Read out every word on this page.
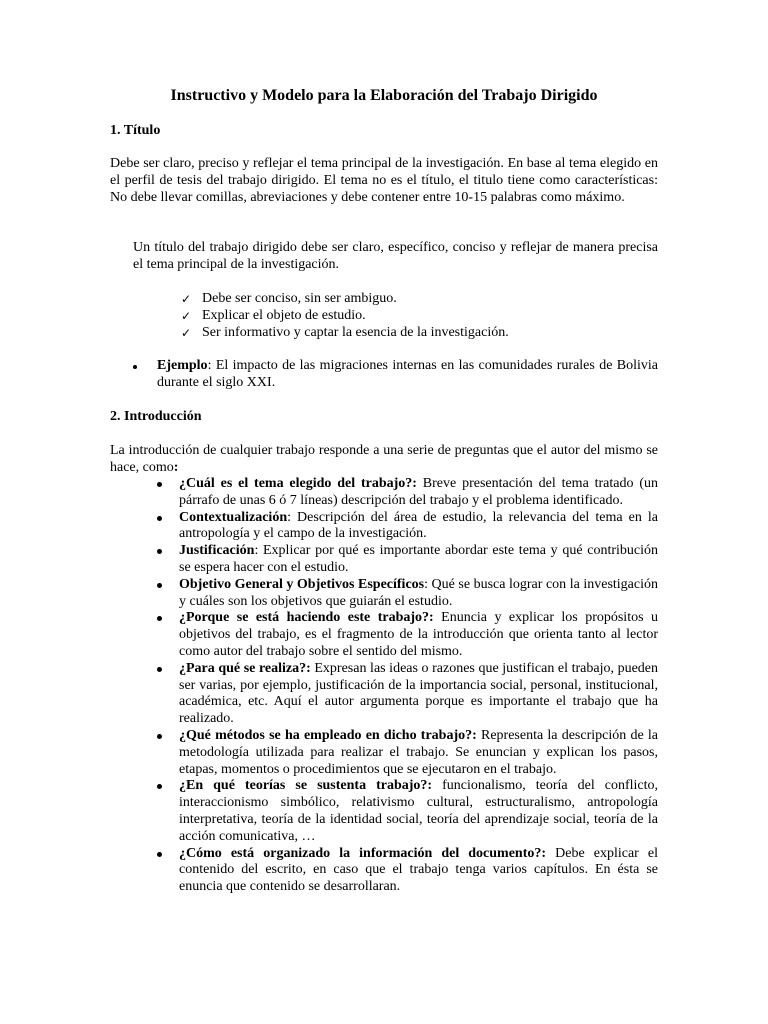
Instructivo y Modelo para la Elaboración del Trabajo Dirigido
1. Título
Debe ser claro, preciso y reflejar el tema principal de la investigación. En base al tema elegido en el perfil de tesis del trabajo dirigido. El tema no es el título, el titulo tiene como características: No debe llevar comillas, abreviaciones y debe contener entre 10-15 palabras como máximo.
Un título del trabajo dirigido debe ser claro, específico, conciso y reflejar de manera precisa el tema principal de la investigación.
✓ Debe ser conciso, sin ser ambiguo.
✓ Explicar el objeto de estudio.
✓ Ser informativo y captar la esencia de la investigación.
Ejemplo: El impacto de las migraciones internas en las comunidades rurales de Bolivia durante el siglo XXI.
2. Introducción
La introducción de cualquier trabajo responde a una serie de preguntas que el autor del mismo se hace, como:
¿Cuál es el tema elegido del trabajo?: Breve presentación del tema tratado (un párrafo de unas 6 ó 7 líneas) descripción del trabajo y el problema identificado.
Contextualización: Descripción del área de estudio, la relevancia del tema en la antropología y el campo de la investigación.
Justificación: Explicar por qué es importante abordar este tema y qué contribución se espera hacer con el estudio.
Objetivo General y Objetivos Específicos: Qué se busca lograr con la investigación y cuáles son los objetivos que guiarán el estudio.
¿Porque se está haciendo este trabajo?: Enuncia y explicar los propósitos u objetivos del trabajo, es el fragmento de la introducción que orienta tanto al lector como autor del trabajo sobre el sentido del mismo.
¿Para qué se realiza?: Expresan las ideas o razones que justifican el trabajo, pueden ser varias, por ejemplo, justificación de la importancia social, personal, institucional, académica, etc. Aquí el autor argumenta porque es importante el trabajo que ha realizado.
¿Qué métodos se ha empleado en dicho trabajo?: Representa la descripción de la metodología utilizada para realizar el trabajo. Se enuncian y explican los pasos, etapas, momentos o procedimientos que se ejecutaron en el trabajo.
¿En qué teorías se sustenta trabajo?: funcionalismo, teoría del conflicto, interaccionismo simbólico, relativismo cultural, estructuralismo, antropología interpretativa, teoría de la identidad social, teoría del aprendizaje social, teoría de la acción comunicativa, …
¿Cómo está organizado la información del documento?: Debe explicar el contenido del escrito, en caso que el trabajo tenga varios capítulos. En ésta se enuncia que contenido se desarrollaran.
